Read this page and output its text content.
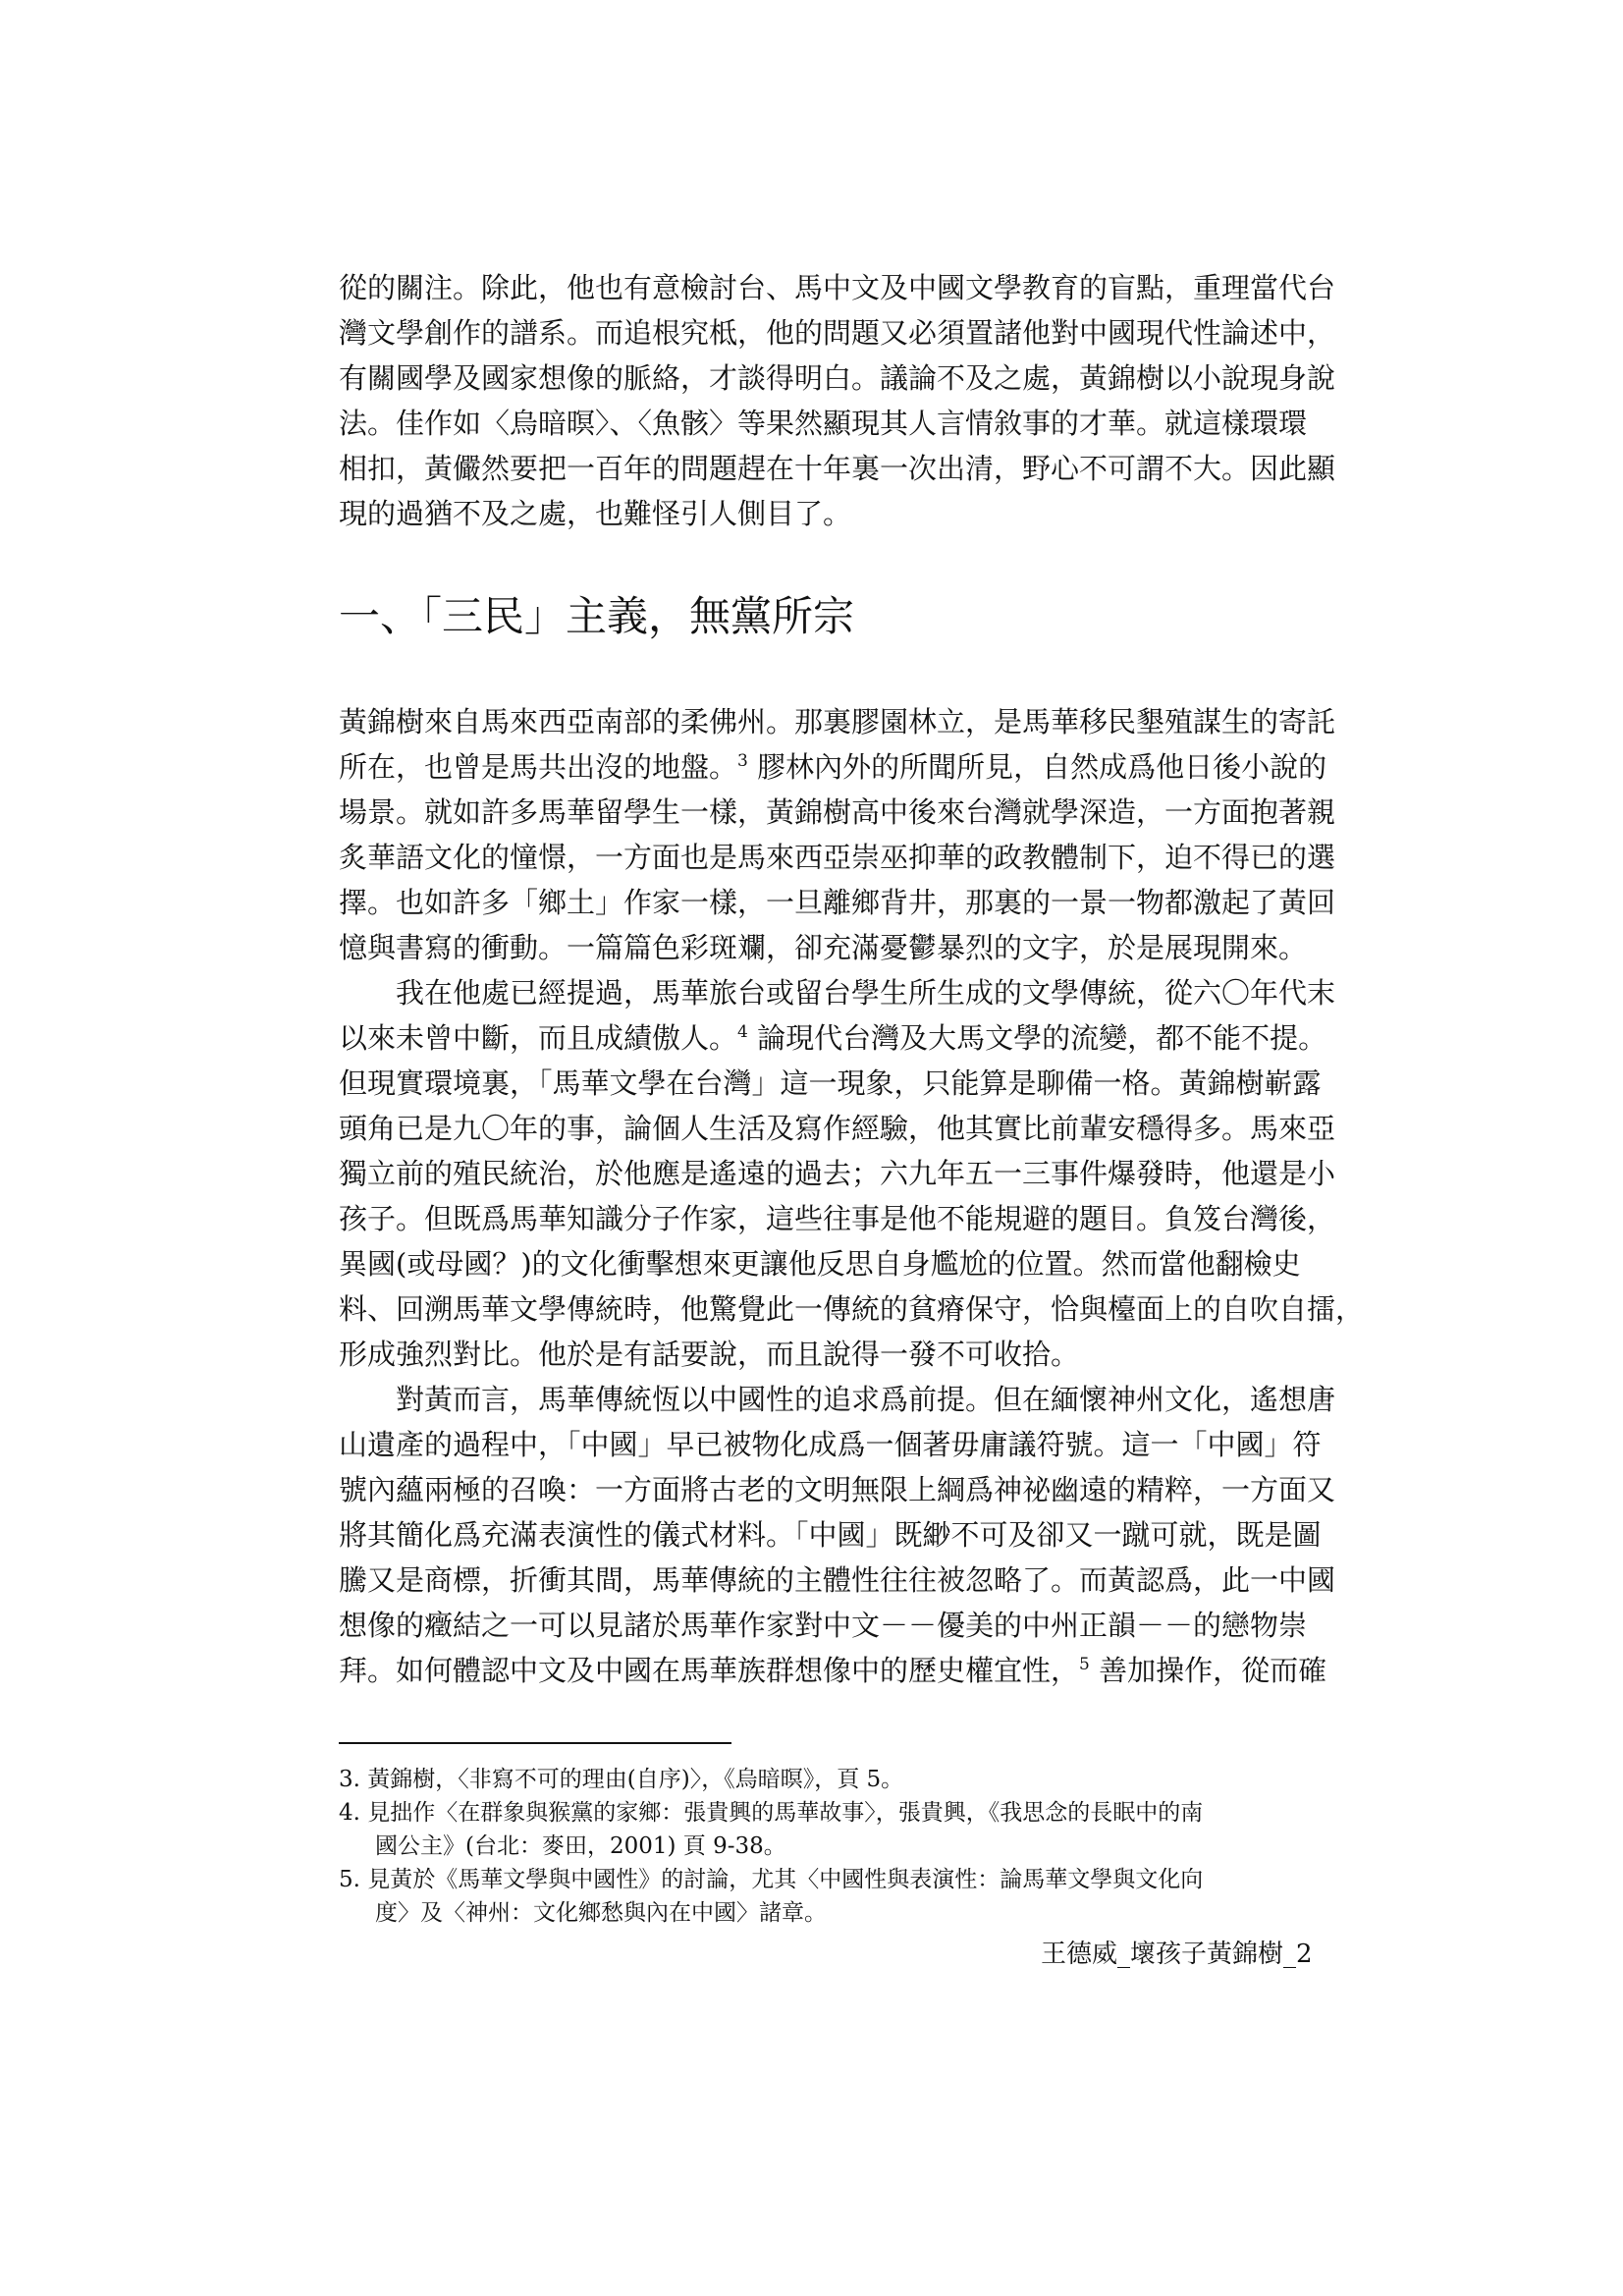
從的關注。除此，他也有意檢討台、馬中文及中國文學教育的盲點，重理當代台
灣文學創作的譜系。而追根究柢，他的問題又必須置諸他對中國現代性論述中，
有關國學及國家想像的脈絡，才談得明白。議論不及之處，黃錦樹以小說現身說
法。佳作如〈烏暗暝〉、〈魚骸〉等果然顯現其人言情敘事的才華。就這樣環環
相扣，黃儼然要把一百年的問題趕在十年裏一次出清，野心不可謂不大。因此顯
現的過猶不及之處，也難怪引人側目了。
一、「三民」主義，無黨所宗
黃錦樹來自馬來西亞南部的柔佛州。那裏膠園林立，是馬華移民墾殖謀生的寄託
所在，也曾是馬共出沒的地盤。$^3$ 膠林內外的所聞所見，自然成爲他日後小說的
場景。就如許多馬華留學生一樣，黃錦樹高中後來台灣就學深造，一方面抱著親
炙華語文化的憧憬，一方面也是馬來西亞崇巫抑華的政教體制下，迫不得已的選
擇。也如許多「鄉土」作家一樣，一旦離鄉背井，那裏的一景一物都激起了黃回
憶與書寫的衝動。一篇篇色彩斑斕，卻充滿憂鬱暴烈的文字，於是展現開來。
我在他處已經提過，馬華旅台或留台學生所生成的文學傳統，從六〇年代末
以來未曾中斷，而且成績傲人。$^4$ 論現代台灣及大馬文學的流變，都不能不提。
但現實環境裏，「馬華文學在台灣」這一現象，只能算是聊備一格。黃錦樹嶄露
頭角已是九〇年的事，論個人生活及寫作經驗，他其實比前輩安穩得多。馬來亞
獨立前的殖民統治，於他應是遙遠的過去；六九年五一三事件爆發時，他還是小
孩子。但既爲馬華知識分子作家，這些往事是他不能規避的題目。負笈台灣後，
異國(或母國？)的文化衝擊想來更讓他反思自身尷尬的位置。然而當他翻檢史
料、回溯馬華文學傳統時，他驚覺此一傳統的貧瘠保守，恰與檯面上的自吹自擂，
形成強烈對比。他於是有話要說，而且說得一發不可收拾。
對黃而言，馬華傳統恆以中國性的追求爲前提。但在緬懷神州文化，遙想唐
山遺產的過程中，「中國」早已被物化成爲一個著毋庸議符號。這一「中國」符
號內蘊兩極的召喚：一方面將古老的文明無限上綱爲神祕幽遠的精粹，一方面又
將其簡化爲充滿表演性的儀式材料。「中國」既緲不可及卻又一蹴可就，既是圖
騰又是商標，折衝其間，馬華傳統的主體性往往被忽略了。而黃認爲，此一中國
想像的癥結之一可以見諸於馬華作家對中文－－優美的中州正韻－－的戀物崇
拜。如何體認中文及中國在馬華族群想像中的歷史權宜性，$^5$ 善加操作，從而確
3. 黃錦樹，〈非寫不可的理由(自序)〉，《烏暗暝》，頁 5。
4. 見拙作〈在群象與猴黨的家鄉：張貴興的馬華故事〉，張貴興，《我思念的長眠中的南
國公主》(台北：麥田，2001) 頁 9-38。
5. 見黃於《馬華文學與中國性》的討論，尤其〈中國性與表演性：論馬華文學與文化向
度〉及〈神州：文化鄉愁與內在中國〉諸章。
王德威_壞孩子黃錦樹_2
